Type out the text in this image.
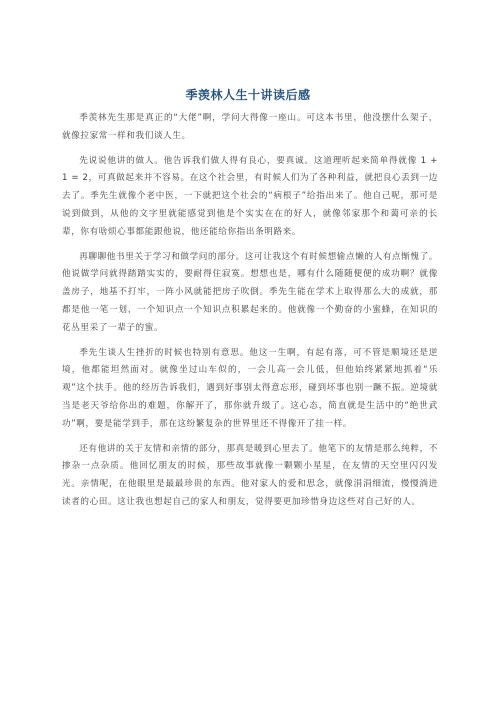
季羡林人生十讲读后感

季羡林先生那是真正的“大佬”啊，学问大得像一座山。可这本书里，他没摆什么架子，就像拉家常一样和我们谈人生。

先说说他讲的做人。他告诉我们做人得有良心，要真诚。这道理听起来简单得就像 1 + 1 = 2，可真做起来并不容易。在这个社会里，有时候人们为了各种利益，就把良心丢到一边去了。季先生就像个老中医，一下就把这个社会的“病根子”给指出来了。他自己呢，那可是说到做到，从他的文字里就能感觉到他是个实实在在的好人，就像邻家那个和蔼可亲的长辈，你有啥烦心事都能跟他说，他还能给你指出条明路来。

再聊聊他书里关于学习和做学问的部分。这可让我这个有时候想偷点懒的人有点惭愧了。他说做学问就得踏踏实实的，要耐得住寂寞。想想也是，哪有什么随随便便的成功啊？就像盖房子，地基不打牢，一阵小风就能把房子吹倒。季先生能在学术上取得那么大的成就，那都是他一笔一划，一个知识点一个知识点积累起来的。他就像一个勤奋的小蜜蜂，在知识的花丛里采了一辈子的蜜。

季先生谈人生挫折的时候也特别有意思。他这一生啊，有起有落，可不管是顺境还是逆境，他都能坦然面对。就像坐过山车似的，一会儿高一会儿低，但他始终紧紧地抓着“乐观”这个扶手。他的经历告诉我们，遇到好事别太得意忘形，碰到坏事也别一蹶不振。逆境就当是老天爷给你出的难题，你解开了，那你就升级了。这心态，简直就是生活中的“绝世武功”啊，要是能学到手，那在这纷繁复杂的世界里还不得像开了挂一样。

还有他讲的关于友情和亲情的部分，那真是暖到心里去了。他笔下的友情是那么纯粹，不掺杂一点杂质。他回忆朋友的时候，那些故事就像一颗颗小星星，在友情的天空里闪闪发光。亲情呢，在他眼里是最最珍贵的东西。他对家人的爱和思念，就像涓涓细流，慢慢淌进读者的心田。这让我也想起自己的家人和朋友，觉得要更加珍惜身边这些对自己好的人。
